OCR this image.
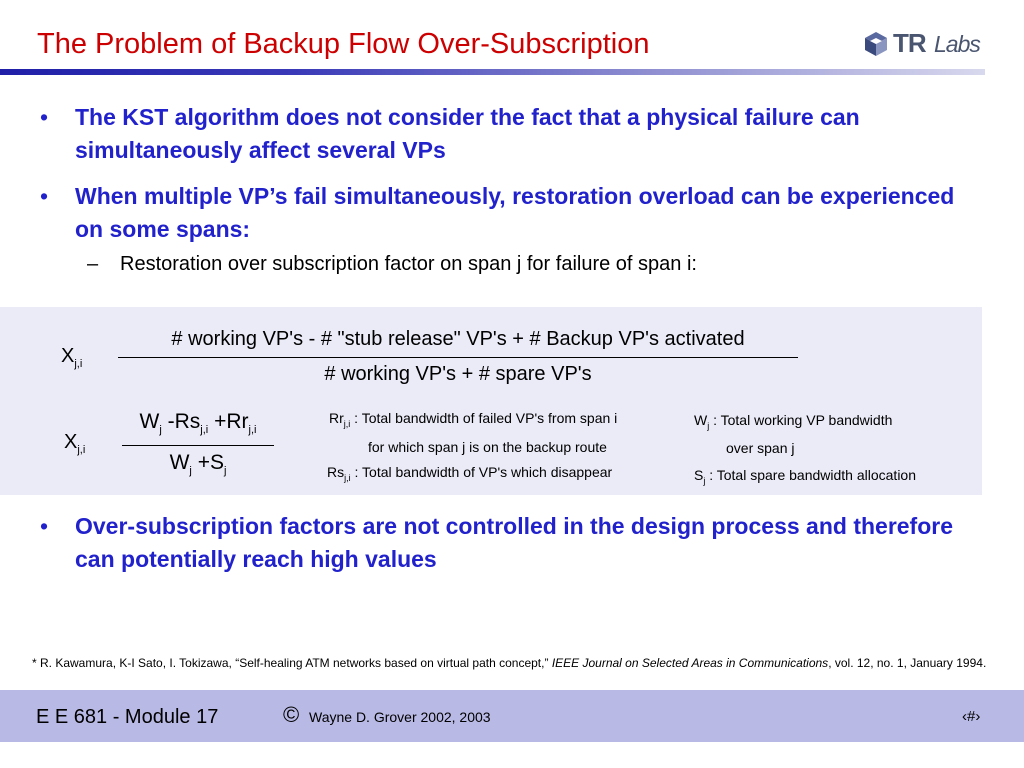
The Problem of Backup Flow Over-Subscription	TR Labs
• The KST algorithm does not consider the fact that a physical failure can simultaneously affect several VPs
• When multiple VP’s fail simultaneously, restoration overload can be experienced on some spans:
– Restoration over subscription factor on span j for failure of span i:
$X_{j,i}$
# working VP's - # "stub release" VP's + # Backup VP's activated
# working VP's + # spare VP's
$X_{j,i}$
$W_j$ $-Rs_{j,i} +Rr_{j,i}$
$W_j +S_j$
$Rr_{j,i}$ : Total bandwidth of failed VP's from span i
for which span j is on the backup route
$Rs_{j,i}$ : Total bandwidth of VP's which disappear
$W_j$ : Total working VP bandwidth
over span j
$S_j$ : Total spare bandwidth allocation
• Over-subscription factors are not controlled in the design process and therefore can potentially reach high values
* R. Kawamura, K-I Sato, I. Tokizawa, “Self-healing ATM networks based on virtual path concept,” IEEE Journal on Selected Areas in Communications, vol. 12, no. 1, January 1994.
E E 681 - Module 17	© Wayne D. Grover 2002, 2003	‹#›
